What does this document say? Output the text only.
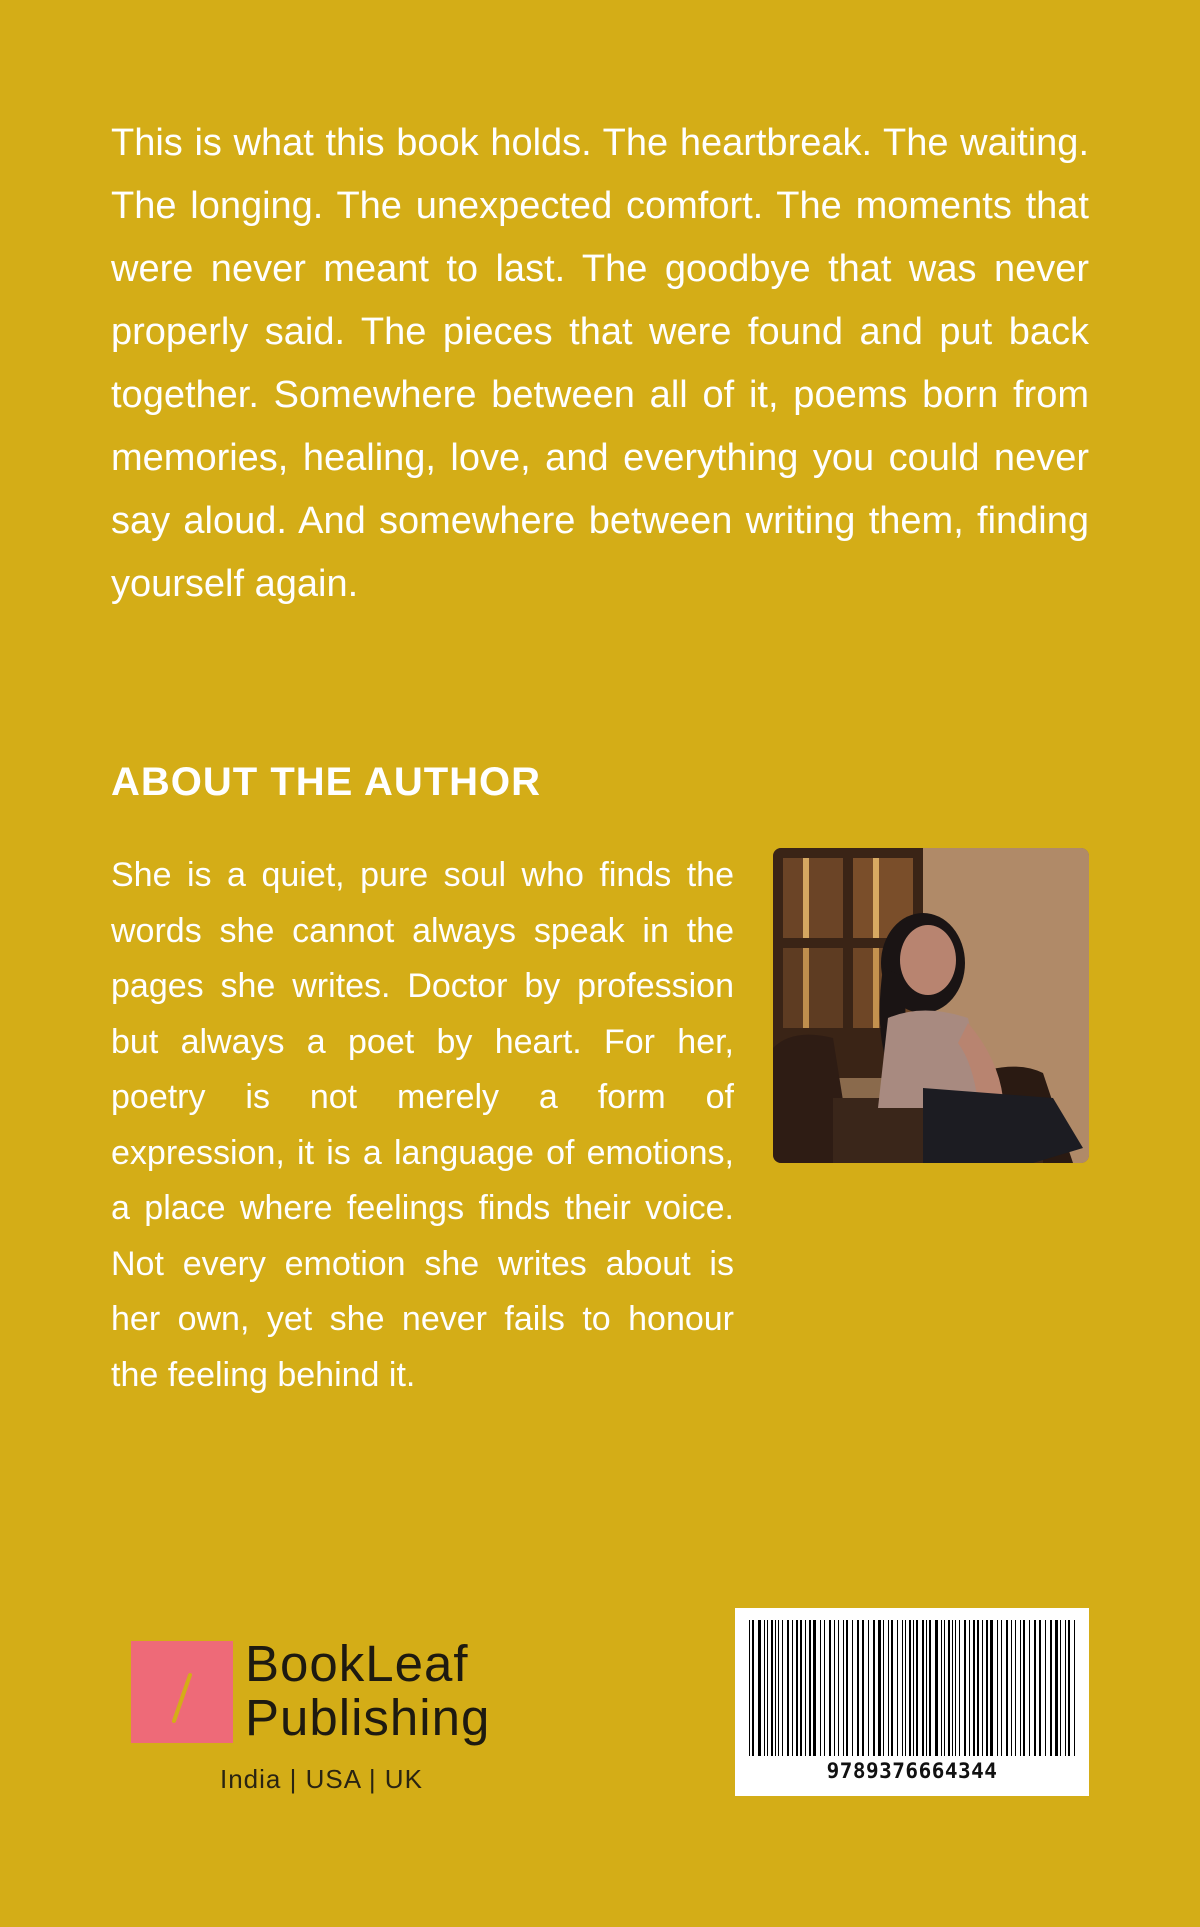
This is what this book holds. The heartbreak. The waiting. The longing. The unexpected comfort. The moments that were never meant to last. The goodbye that was never properly said. The pieces that were found and put back together. Somewhere between all of it, poems born from memories, healing, love, and everything you could never say aloud. And somewhere between writing them, finding yourself again.

ABOUT THE AUTHOR

She is a quiet, pure soul who finds the words she cannot always speak in the pages she writes. Doctor by profession but always a poet by heart. For her, poetry is not merely a form of expression, it is a language of emotions, a place where feelings finds their voice. Not every emotion she writes about is her own, yet she never fails to honour the feeling behind it.

BookLeaf
Publishing
India | USA | UK	9789376664344
